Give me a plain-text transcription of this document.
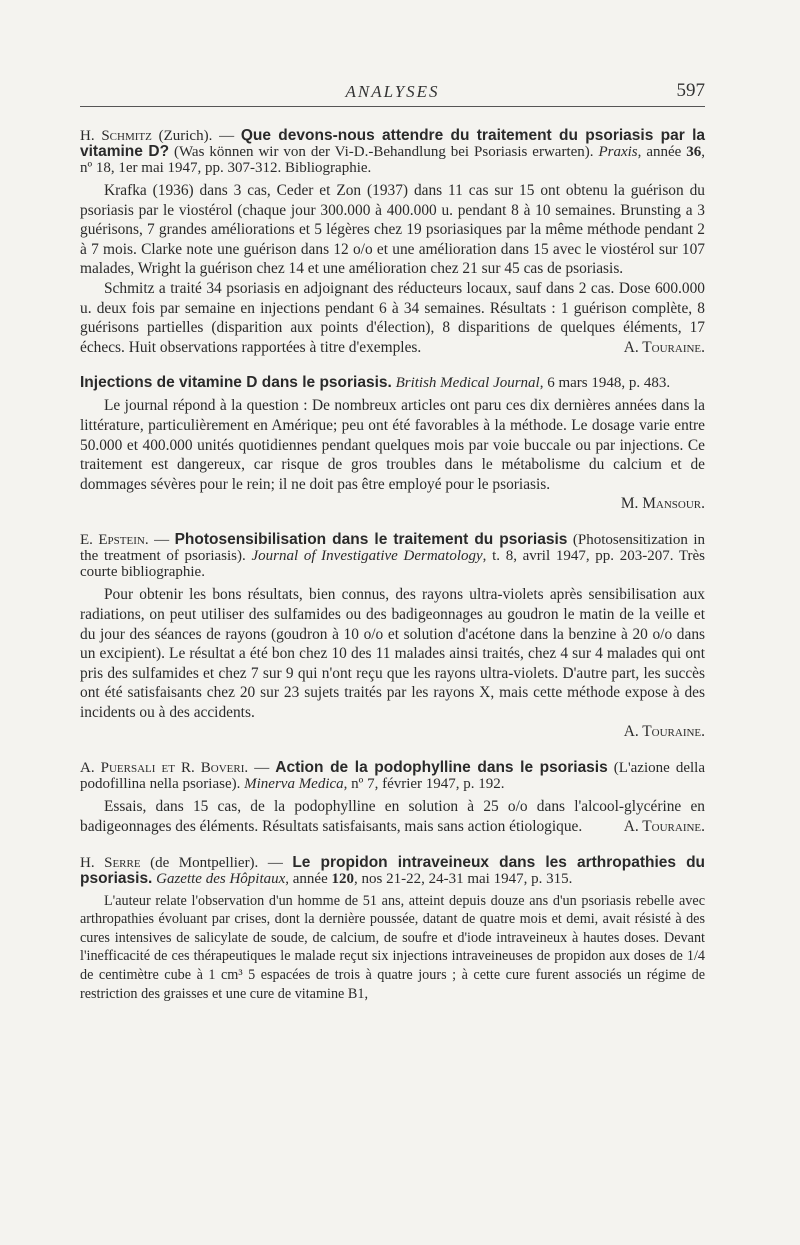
ANALYSES	597
H. Schmitz (Zurich). — Que devons-nous attendre du traitement du psoriasis par la vitamine D? (Was können wir von der Vi-D.-Behandlung bei Psoriasis erwarten). Praxis, année 36, nº 18, 1er mai 1947, pp. 307-312. Bibliographie.

Krafka (1936) dans 3 cas, Ceder et Zon (1937) dans 11 cas sur 15 ont obtenu la guérison du psoriasis par le viostérol (chaque jour 300.000 à 400.000 u. pendant 8 à 10 semaines. Brunsting a 3 guérisons, 7 grandes améliorations et 5 légères chez 19 psoriasiques par la même méthode pendant 2 à 7 mois. Clarke note une guérison dans 12 o/o et une amélioration dans 15 avec le viostérol sur 107 malades, Wright la guérison chez 14 et une amélioration chez 21 sur 45 cas de psoriasis.

Schmitz a traité 34 psoriasis en adjoignant des réducteurs locaux, sauf dans 2 cas. Dose 600.000 u. deux fois par semaine en injections pendant 6 à 34 semaines. Résultats : 1 guérison complète, 8 guérisons partielles (disparition aux points d'élection), 8 disparitions de quelques éléments, 17 échecs. Huit observations rapportées à titre d'exemples.	A. Touraine.

Injections de vitamine D dans le psoriasis. British Medical Journal, 6 mars 1948, p. 483.

Le journal répond à la question : De nombreux articles ont paru ces dix dernières années dans la littérature, particulièrement en Amérique; peu ont été favorables à la méthode. Le dosage varie entre 50.000 et 400.000 unités quotidiennes pendant quelques mois par voie buccale ou par injections. Ce traitement est dangereux, car risque de gros troubles dans le métabolisme du calcium et de dommages sévères pour le rein; il ne doit pas être employé pour le psoriasis.

M. Mansour.
E. Epstein. — Photosensibilisation dans le traitement du psoriasis (Photosensitization in the treatment of psoriasis). Journal of Investigative Dermatology, t. 8, avril 1947, pp. 203-207. Très courte bibliographie.

Pour obtenir les bons résultats, bien connus, des rayons ultra-violets après sensibilisation aux radiations, on peut utiliser des sulfamides ou des badigeonnages au goudron le matin de la veille et du jour des séances de rayons (goudron à 10 o/o et solution d'acétone dans la benzine à 20 o/o dans un excipient). Le résultat a été bon chez 10 des 11 malades ainsi traités, chez 4 sur 4 malades qui ont pris des sulfamides et chez 7 sur 9 qui n'ont reçu que les rayons ultra-violets. D'autre part, les succès ont été satisfaisants chez 20 sur 23 sujets traités par les rayons X, mais cette méthode expose à des incidents ou à des accidents.

A. Touraine.
A. Puersali et R. Boveri. — Action de la podophylline dans le psoriasis (L'azione della podofillina nella psoriase). Minerva Medica, nº 7, février 1947, p. 192.

Essais, dans 15 cas, de la podophylline en solution à 25 o/o dans l'alcool-glycérine en badigeonnages des éléments. Résultats satisfaisants, mais sans action étiologique.	A. Touraine.

H. Serre (de Montpellier). — Le propidon intraveineux dans les arthropathies du psoriasis. Gazette des Hôpitaux, année 120, nos 21-22, 24-31 mai 1947, p. 315.

L'auteur relate l'observation d'un homme de 51 ans, atteint depuis douze ans d'un psoriasis rebelle avec arthropathies évoluant par crises, dont la dernière poussée, datant de quatre mois et demi, avait résisté à des cures intensives de salicylate de soude, de calcium, de soufre et d'iode intraveineux à hautes doses. Devant l'inefficacité de ces thérapeutiques le malade reçut six injections intraveineuses de propidon aux doses de 1/4 de centimètre cube à 1 cm³ 5 espacées de trois à quatre jours ; à cette cure furent associés un régime de restriction des graisses et une cure de vitamine B1,
